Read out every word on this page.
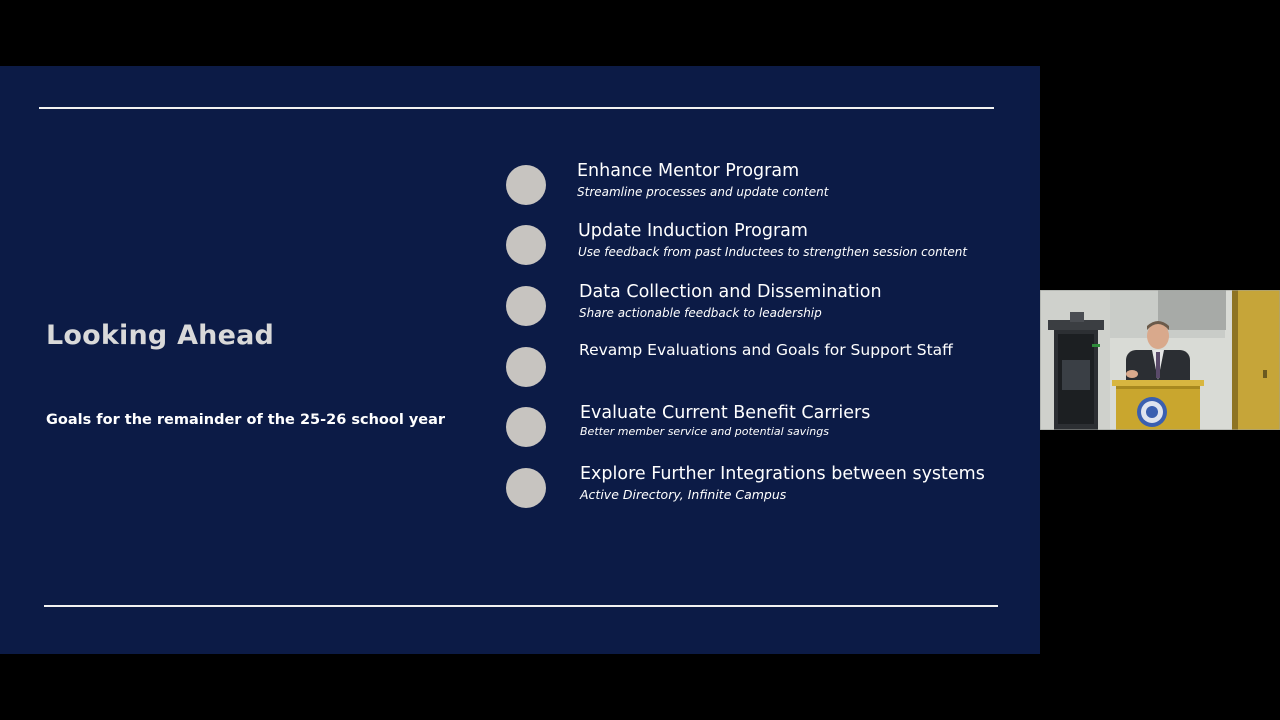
Looking Ahead
Goals for the remainder of the 25-26 school year
Enhance Mentor Program
Streamline processes and update content
Update Induction Program
Use feedback from past Inductees to strengthen session content
Data Collection and Dissemination
Share actionable feedback to leadership
Revamp Evaluations and Goals for Support Staff
Evaluate Current Benefit Carriers
Better member service and potential savings
Explore Further Integrations between systems
Active Directory, Infinite Campus
